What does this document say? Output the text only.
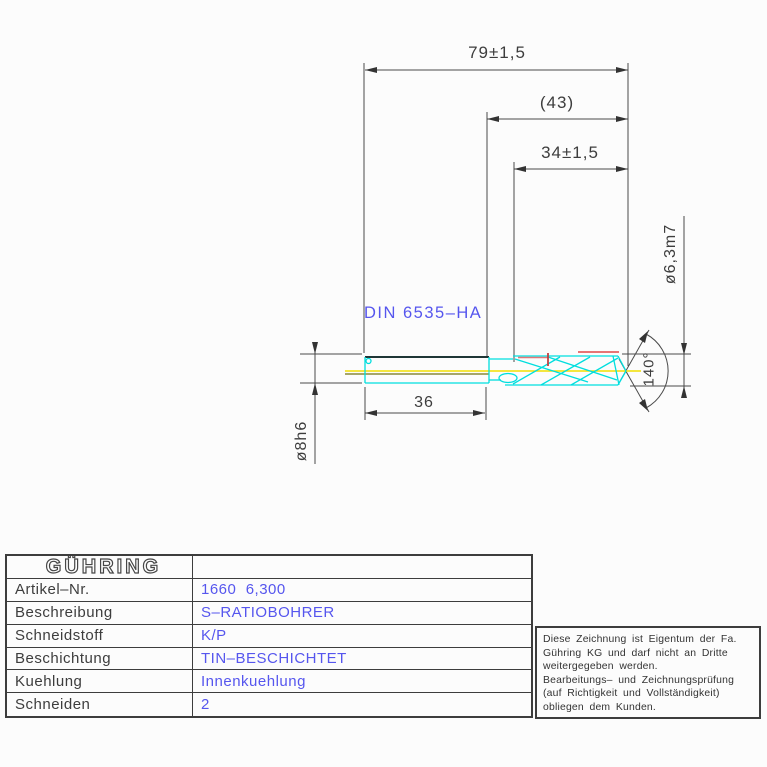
79±1,5
(43)
34±1,5
36
ø8h6
ø6,3m7
140°
DIN 6535–HA
GÜHRING
Artikel–Nr.	1660  6,300
Beschreibung	S–RATIOBOHRER
Schneidstoff	K/P
Beschichtung	TIN–BESCHICHTET
Kuehlung	Innenkuehlung
Schneiden	2
Diese Zeichnung ist Eigentum der Fa.
Gühring KG und darf nicht an Dritte
weitergegeben werden.
Bearbeitungs– und Zeichnungsprüfung
(auf Richtigkeit und Vollständigkeit)
obliegen dem Kunden.
